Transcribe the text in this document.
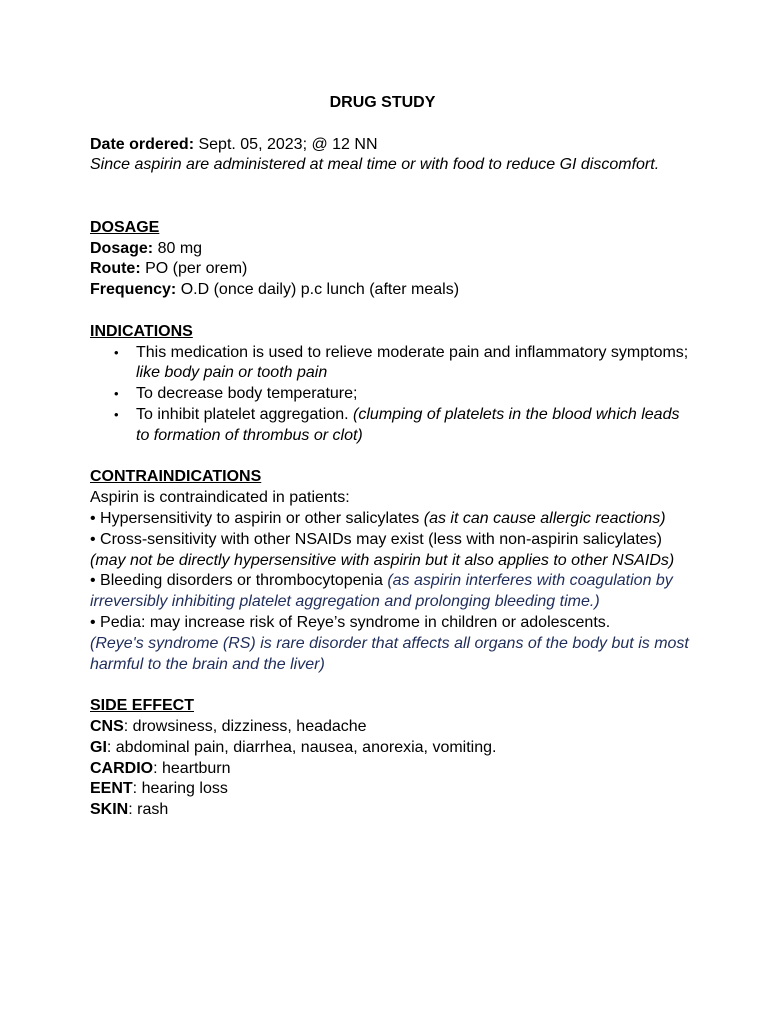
DRUG STUDY

Date ordered: Sept. 05, 2023; @ 12 NN

Since aspirin are administered at meal time or with food to reduce GI discomfort.

DOSAGE

Dosage: 80 mg

Route: PO (per orem)

Frequency: O.D (once daily) p.c lunch (after meals)

INDICATIONS

• This medication is used to relieve moderate pain and inflammatory symptoms; like body pain or tooth pain
• To decrease body temperature;
• To inhibit platelet aggregation. (clumping of platelets in the blood which leads to formation of thrombus or clot)

CONTRAINDICATIONS

Aspirin is contraindicated in patients:

• Hypersensitivity to aspirin or other salicylates (as it can cause allergic reactions)

• Cross-sensitivity with other NSAIDs may exist (less with non-aspirin salicylates) (may not be directly hypersensitive with aspirin but it also applies to other NSAIDs)

• Bleeding disorders or thrombocytopenia (as aspirin interferes with coagulation by irreversibly inhibiting platelet aggregation and prolonging bleeding time.)

• Pedia: may increase risk of Reye’s syndrome in children or adolescents.

(Reye's syndrome (RS) is rare disorder that affects all organs of the body but is most harmful to the brain and the liver)

SIDE EFFECT

CNS: drowsiness, dizziness, headache

GI: abdominal pain, diarrhea, nausea, anorexia, vomiting.

CARDIO: heartburn

EENT: hearing loss

SKIN: rash
